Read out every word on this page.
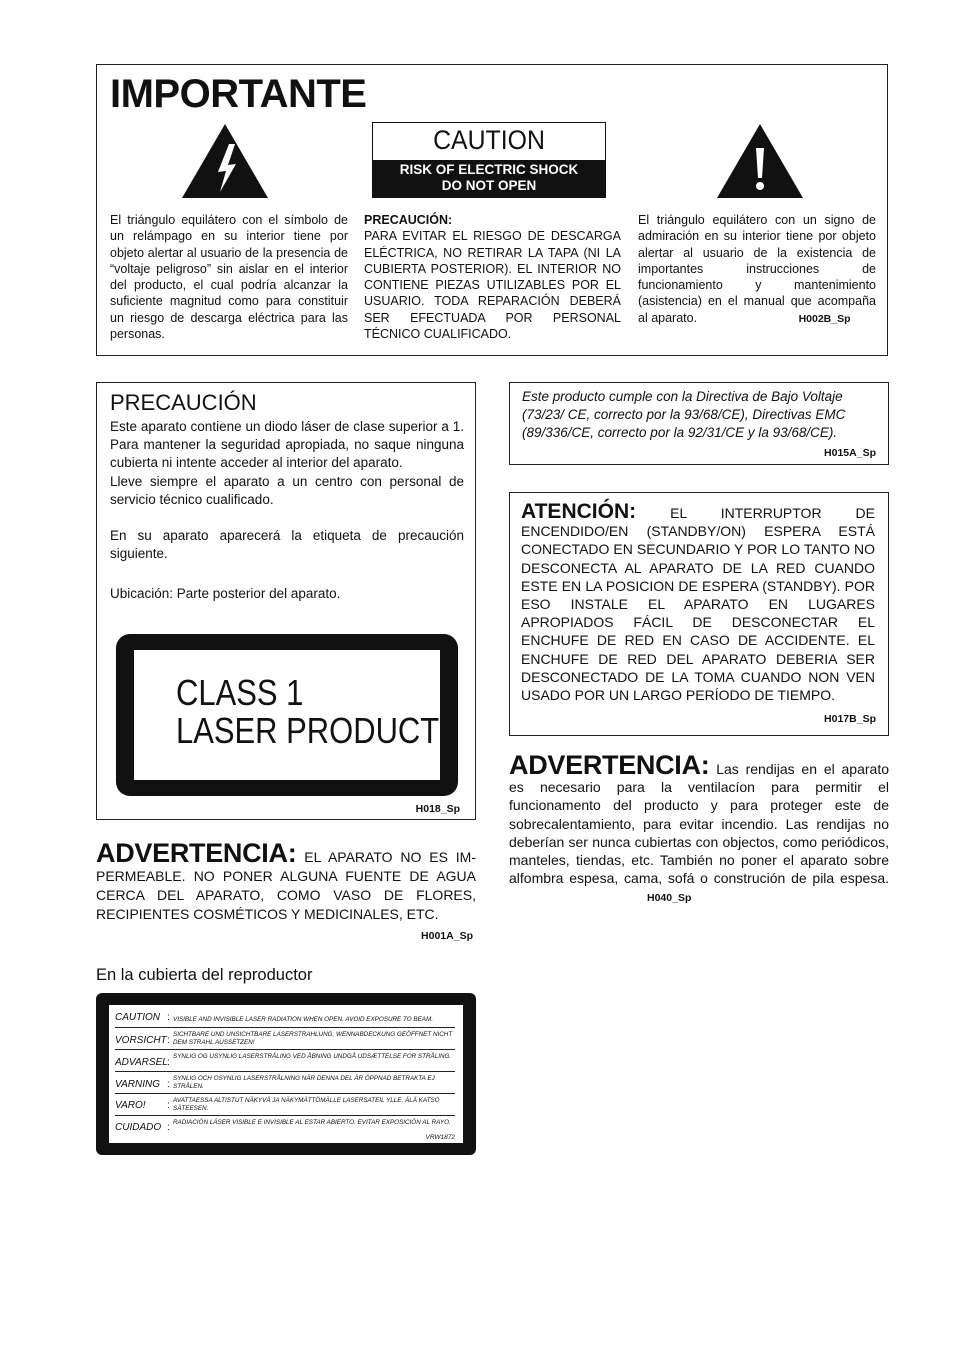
IMPORTANTE
CAUTION
RISK OF ELECTRIC SHOCK
DO NOT OPEN
El triángulo equilátero con el símbolo de un relámpago en su interior tiene por objeto alertar al usuario de la presencia de “voltaje peligroso” sin aislar en el interior del producto, el cual podría alcanzar la suficiente magnitud como para constituir un riesgo de descarga eléctrica para las personas.
PRECAUCIÓN:
PARA EVITAR EL RIESGO DE DESCARGA ELÉCTRICA, NO RETIRAR LA TAPA (NI LA CUBIERTA POSTERIOR). EL INTERIOR NO CONTIENE PIEZAS UTILIZABLES POR EL USUARIO. TODA REPARACIÓN DEBERÁ SER EFECTUADA POR PERSONAL TÉCNICO CUALIFICADO.
El triángulo equilátero con un signo de admiración en su interior tiene por objeto alertar al usuario de la existencia de importantes instrucciones de funcionamiento y mantenimiento (asistencia) en el manual que acompaña al aparato.	H002B_Sp
PRECAUCIÓN
Este aparato contiene un diodo láser de clase superior a 1. Para mantener la seguridad apropiada, no saque ninguna cubierta ni intente acceder al interior del aparato.
Lleve siempre el aparato a un centro con personal de servicio técnico cualificado.
En su aparato aparecerá la etiqueta de precaución siguiente.
Ubicación: Parte posterior del aparato.
CLASS 1
LASER PRODUCT
H018_Sp
Este producto cumple con la Directiva de Bajo Voltaje (73/23/ CE, correcto por la 93/68/CE), Directivas EMC (89/336/CE, correcto por la 92/31/CE y la 93/68/CE).
H015A_Sp
ATENCIÓN: EL INTERRUPTOR DE ENCENDIDO/EN (STANDBY/ON) ESPERA ESTÁ CONECTADO EN SECUNDARIO Y POR LO TANTO NO DESCONECTA AL APARATO DE LA RED CUANDO ESTE EN LA POSICION DE ESPERA (STANDBY). POR ESO INSTALE EL APARATO EN LUGARES APROPIADOS FÁCIL DE DESCONECTAR EL ENCHUFE DE RED EN CASO DE ACCIDENTE. EL ENCHUFE DE RED DEL APARATO DEBERIA SER DESCONECTADO DE LA TOMA CUANDO NON VEN USADO POR UN LARGO PERÍODO DE TIEMPO.
H017B_Sp
ADVERTENCIA: Las rendijas en el aparato es necesario para la ventilacíon para permitir el funcionamento del producto y para proteger este de sobrecalentamiento, para evitar incendio. Las rendijas no deberían ser nunca cubiertas con objectos, como periódicos, manteles, tiendas, etc. También no poner el aparato sobre alfombra espesa, cama, sofá o construción de pila espesa. H040_Sp
ADVERTENCIA: EL APARATO NO ES IM-PERMEABLE. NO PONER ALGUNA FUENTE DE AGUA CERCA DEL APARATO, COMO VASO DE FLORES, RECIPIENTES COSMÉTICOS Y MEDICINALES, ETC.
H001A_Sp
En la cubierta del reproductor
CAUTION : VISIBLE AND INVISIBLE LASER RADIATION WHEN OPEN. AVOID EXPOSURE TO BEAM.
VORSICHT :
SICHTBARE UND UNSICHTBARE LASERSTRAHLUNG, WENNABDECKUNG GEÖFFNET NICHT DEM STRAHL AUSSETZEN!
ADVARSEL :
SYNLIG OG USYNLIG LASERSTRÅLING VED ÅBNING UNDGÅ UDSÆTTELSE FOR STRÅLING.
VARNING :
SYNLIG OCH OSYNLIG LASERSTRÅLNING NÄR DENNA DEL ÄR ÖPPNAD BETRAKTA EJ STRÅLEN.
VARO! : AVATTAESSA ALTISTUT NÄKYVÄ JA NÄKYMÄTTÖMÄLLE LASERSATEIL YLLE. ÄLÄ KATSO SÄTEESEN.
CUIDADO : RADIACIÓN LÁSER VISIBLE E INVISIBLE AL ESTAR ABIERTO. EVITAR EXPOSICIÓN AL RAYO.
VRW1872
